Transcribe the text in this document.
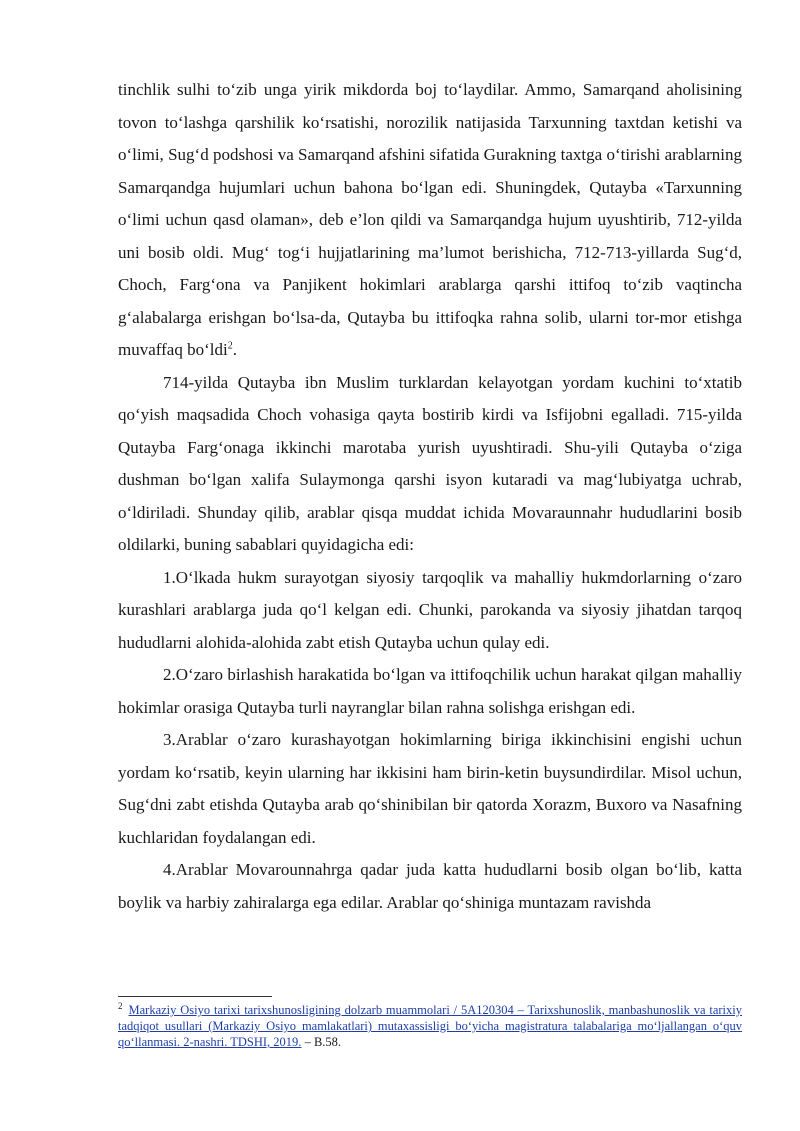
tinchlik sulhi to‘zib unga yirik mikdorda boj to‘laydilar. Ammo, Samarqand aholisining tovon to‘lashga qarshilik ko‘rsatishi, norozilik natijasida Tarxunning taxtdan ketishi va o‘limi, Sug‘d podshosi va Samarqand afshini sifatida Gurakning taxtga o‘tirishi arablarning Samarqandga hujumlari uchun bahona bo‘lgan edi. Shuningdek, Qutayba «Tarxunning o‘limi uchun qasd olaman», deb e’lon qildi va Samarqandga hujum uyushtirib, 712-yilda uni bosib oldi. Mug‘ tog‘i hujjatlarining ma’lumot berishicha, 712-713-yillarda Sug‘d, Choch, Farg‘ona va Panjikent hokimlari arablarga qarshi ittifoq to‘zib vaqtincha g‘alabalarga erishgan bo‘lsa-da, Qutayba bu ittifoqka rahna solib, ularni tor-mor etishga muvaffaq bo‘ldi$^2$.

714-yilda Qutayba ibn Muslim turklardan kelayotgan yordam kuchini to‘xtatib qo‘yish maqsadida Choch vohasiga qayta bostirib kirdi va Isfijobni egalladi. 715-yilda Qutayba Farg‘onaga ikkinchi marotaba yurish uyushtiradi. Shu-yili Qutayba o‘ziga dushman bo‘lgan xalifa Sulaymonga qarshi isyon kutaradi va mag‘lubiyatga uchrab, o‘ldiriladi. Shunday qilib, arablar qisqa muddat ichida Movaraunnahr hududlarini bosib oldilarki, buning sabablari quyidagicha edi:

1.O‘lkada hukm surayotgan siyosiy tarqoqlik va mahalliy hukmdorlarning o‘zaro kurashlari arablarga juda qo‘l kelgan edi. Chunki, parokanda va siyosiy jihatdan tarqoq hududlarni alohida-alohida zabt etish Qutayba uchun qulay edi.

2.O‘zaro birlashish harakatida bo‘lgan va ittifoqchilik uchun harakat qilgan mahalliy hokimlar orasiga Qutayba turli nayranglar bilan rahna solishga erishgan edi.

3.Arablar o‘zaro kurashayotgan hokimlarning biriga ikkinchisini engishi uchun yordam ko‘rsatib, keyin ularning har ikkisini ham birin-ketin buysundirdilar. Misol uchun, Sug‘dni zabt etishda Qutayba arab qo‘shinibilan bir qatorda Xorazm, Buxoro va Nasafning kuchlaridan foydalangan edi.

4.Arablar Movarounnahrga qadar juda katta hududlarni bosib olgan bo‘lib, katta boylik va harbiy zahiralarga ega edilar. Arablar qo‘shiniga muntazam ravishda

$^2$ Markaziy Osiyo tarixi tarixshunosligining dolzarb muammolari / 5A120304 – Tarixshunoslik, manbashunoslik va tarixiy tadqiqot usullari (Markaziy Osiyo mamlakatlari) mutaxassisligi bo‘yicha magistratura talabalariga mo‘ljallangan o‘quv qo‘llanmasi. 2-nashri. TDSHI, 2019. – B.58.
